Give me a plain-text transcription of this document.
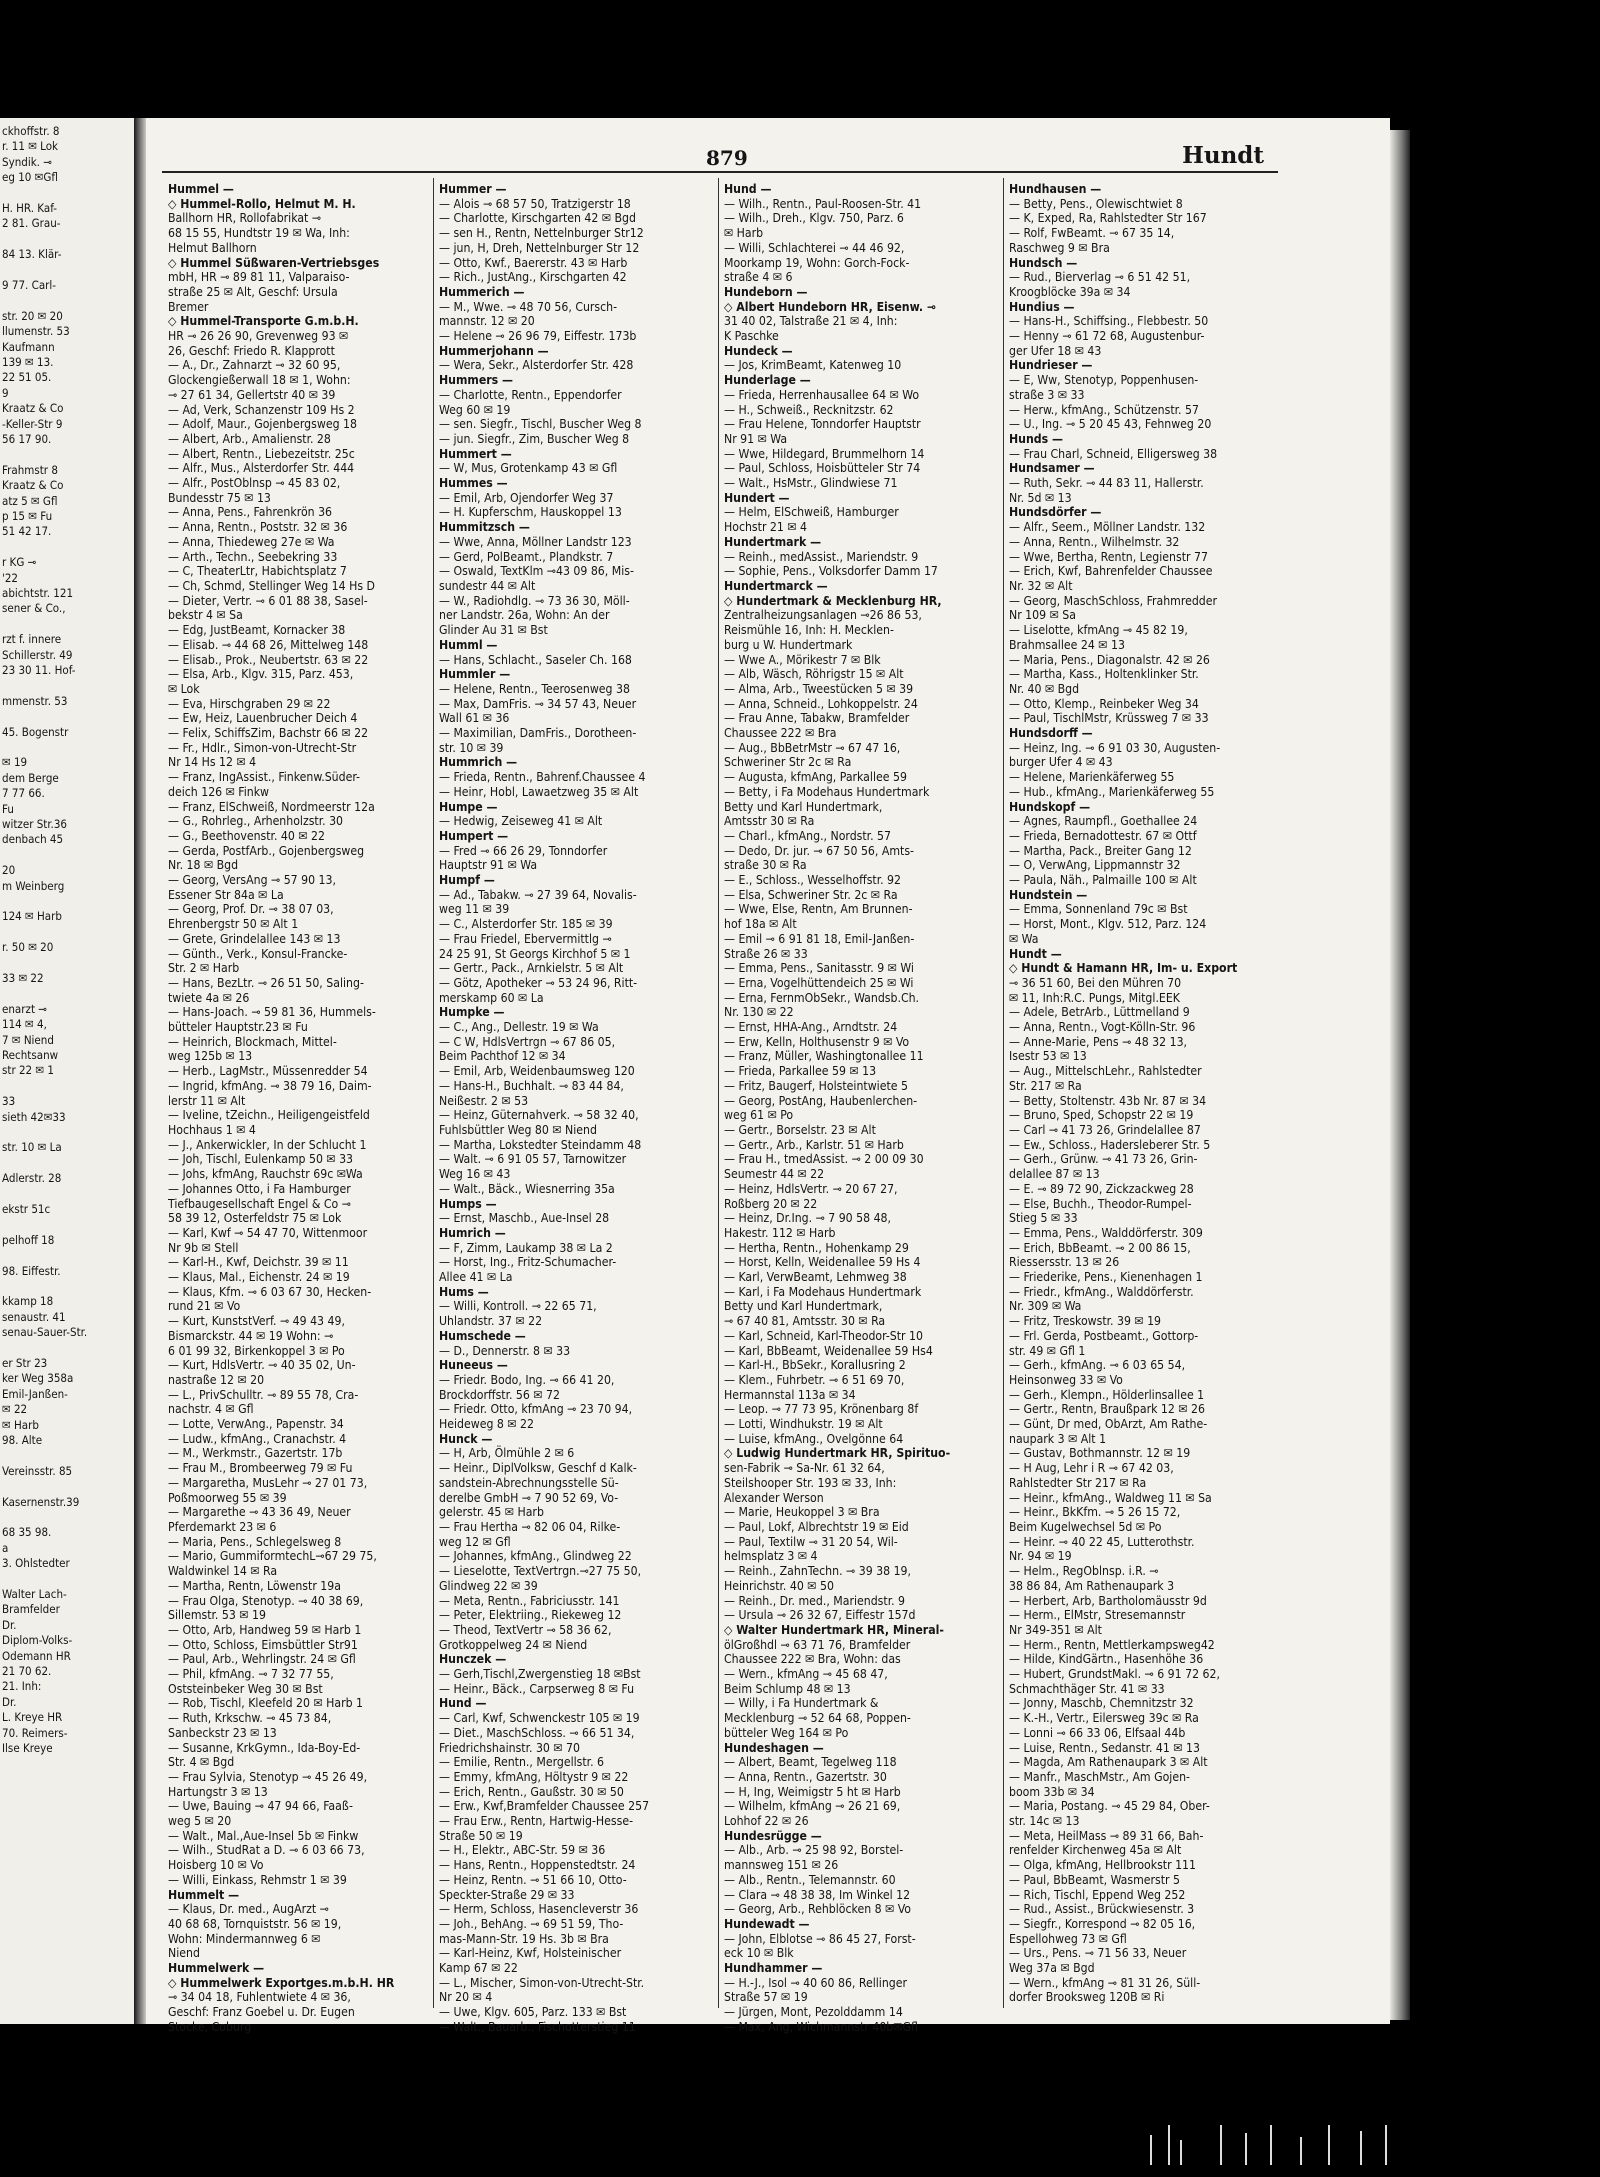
ckhoffstr. 8
r. 11 ✉ Lok
Syndik. ⊸
eg 10 ✉Gfl
H. HR. Kaf-
2 81. Grau-
84 13. Klär-
9 77. Carl-
str. 20 ✉ 20
llumenstr. 53
Kaufmann
139 ✉ 13.
22 51 05.
9
Kraatz & Co
-Keller-Str 9
56 17 90.
Frahmstr 8
Kraatz & Co
atz 5 ✉ Gfl
p 15 ✉ Fu
51 42 17.
r KG ⊸
'22
abichtstr. 121
sener & Co.,
rzt f. innere
Schillerstr. 49
23 30 11. Hof-
mmenstr. 53
45. Bogenstr
✉ 19
dem Berge
7 77 66.
Fu
witzer Str.36
denbach 45
20
m Weinberg
124 ✉ Harb
r. 50 ✉ 20
33 ✉ 22
enarzt ⊸
114 ✉ 4,
7 ✉ Niend
Rechtsanw
str 22 ✉ 1
33
sieth 42✉33
str. 10 ✉ La
Adlerstr. 28
ekstr 51c
pelhoff 18
98. Eiffestr.
kkamp 18
senaustr. 41
senau-Sauer-Str.
er Str 23
ker Weg 358a
Emil-Janßen-
✉ 22
✉ Harb
98. Alte
Vereinsstr. 85
Kasernenstr.39
68 35 98.
a
3. Ohlstedter
Walter Lach-
Bramfelder
Dr.
Diplom-Volks-
Odemann HR
21 70 62.
21. Inh:
Dr.
L. Kreye HR
70. Reimers-
Ilse Kreye
879	Hundt
Hummel —
◇ Hummel-Rollo, Helmut M. H.
Ballhorn HR, Rollofabrikat ⊸
68 15 55, Hundtstr 19 ✉ Wa, Inh:
Helmut Ballhorn
◇ Hummel Süßwaren-Vertriebsges
mbH, HR ⊸ 89 81 11, Valparaiso-
straße 25 ✉ Alt, Geschf: Ursula
Bremer
◇ Hummel-Transporte G.m.b.H.
HR ⊸ 26 26 90, Grevenweg 93 ✉
26, Geschf: Friedo R. Klapprott
— A., Dr., Zahnarzt ⊸ 32 60 95,
Glockengießerwall 18 ✉ 1, Wohn:
⊸ 27 61 34, Gellertstr 40 ✉ 39
— Ad, Verk, Schanzenstr 109 Hs 2
— Adolf, Maur., Gojenbergsweg 18
— Albert, Arb., Amalienstr. 28
— Albert, Rentn., Liebezeitstr. 25c
— Alfr., Mus., Alsterdorfer Str. 444
— Alfr., PostOblnsp ⊸ 45 83 02,
Bundesstr 75 ✉ 13
— Anna, Pens., Fahrenkrön 36
— Anna, Rentn., Poststr. 32 ✉ 36
— Anna, Thiedeweg 27e ✉ Wa
— Arth., Techn., Seebekring 33
— C, TheaterLtr, Habichtsplatz 7
— Ch, Schmd, Stellinger Weg 14 Hs D
— Dieter, Vertr. ⊸ 6 01 88 38, Sasel-
bekstr 4 ✉ Sa
— Edg, JustBeamt, Kornacker 38
— Elisab. ⊸ 44 68 26, Mittelweg 148
— Elisab., Prok., Neubertstr. 63 ✉ 22
— Elsa, Arb., Klgv. 315, Parz. 453,
✉ Lok
— Eva, Hirschgraben 29 ✉ 22
— Ew, Heiz, Lauenbrucher Deich 4
— Felix, SchiffsZim, Bachstr 66 ✉ 22
— Fr., Hdlr., Simon-von-Utrecht-Str
Nr 14 Hs 12 ✉ 4
— Franz, IngAssist., Finkenw.Süder-
deich 126 ✉ Finkw
— Franz, ElSchweiß, Nordmeerstr 12a
— G., Rohrleg., Arhenholzstr. 30
— G., Beethovenstr. 40 ✉ 22
— Gerda, PostfArb., Gojenbergsweg
Nr. 18 ✉ Bgd
— Georg, VersAng ⊸ 57 90 13,
Essener Str 84a ✉ La
— Georg, Prof. Dr. ⊸ 38 07 03,
Ehrenbergstr 50 ✉ Alt 1
— Grete, Grindelallee 143 ✉ 13
— Günth., Verk., Konsul-Francke-
Str. 2 ✉ Harb
— Hans, BezLtr. ⊸ 26 51 50, Saling-
twiete 4a ✉ 26
— Hans-Joach. ⊸ 59 81 36, Hummels-
bütteler Hauptstr.23 ✉ Fu
— Heinrich, Blockmach, Mittel-
weg 125b ✉ 13
— Herb., LagMstr., Müssenredder 54
— Ingrid, kfmAng. ⊸ 38 79 16, Daim-
lerstr 11 ✉ Alt
— Iveline, tZeichn., Heiligengeistfeld
Hochhaus 1 ✉ 4
— J., Ankerwickler, In der Schlucht 1
— Joh, Tischl, Eulenkamp 50 ✉ 33
— Johs, kfmAng, Rauchstr 69c ✉Wa
— Johannes Otto, i Fa Hamburger
Tiefbaugesellschaft Engel & Co ⊸
58 39 12, Osterfeldstr 75 ✉ Lok
— Karl, Kwf ⊸ 54 47 70, Wittenmoor
Nr 9b ✉ Stell
— Karl-H., Kwf, Deichstr. 39 ✉ 11
— Klaus, Mal., Eichenstr. 24 ✉ 19
— Klaus, Kfm. ⊸ 6 03 67 30, Hecken-
rund 21 ✉ Vo
— Kurt, KunststVerf. ⊸ 49 43 49,
Bismarckstr. 44 ✉ 19 Wohn: ⊸
6 01 99 32, Birkenkoppel 3 ✉ Po
— Kurt, HdlsVertr. ⊸ 40 35 02, Un-
nastraße 12 ✉ 20
— L., PrivSchulltr. ⊸ 89 55 78, Cra-
nachstr. 4 ✉ Gfl
— Lotte, VerwAng., Papenstr. 34
— Ludw., kfmAng., Cranachstr. 4
— M., Werkmstr., Gazertstr. 17b
— Frau M., Brombeerweg 79 ✉ Fu
— Margaretha, MusLehr ⊸ 27 01 73,
Poßmoorweg 55 ✉ 39
— Margarethe ⊸ 43 36 49, Neuer
Pferdemarkt 23 ✉ 6
— Maria, Pens., Schlegelsweg 8
— Mario, GummiformtechL⊸67 29 75,
Waldwinkel 14 ✉ Ra
— Martha, Rentn, Löwenstr 19a
— Frau Olga, Stenotyp. ⊸ 40 38 69,
Sillemstr. 53 ✉ 19
— Otto, Arb, Handweg 59 ✉ Harb 1
— Otto, Schloss, Eimsbüttler Str91
— Paul, Arb., Wehrlingstr. 24 ✉ Gfl
— Phil, kfmAng. ⊸ 7 32 77 55,
Oststeinbeker Weg 30 ✉ Bst
— Rob, Tischl, Kleefeld 20 ✉ Harb 1
— Ruth, Krkschw. ⊸ 45 73 84,
Sanbeckstr 23 ✉ 13
— Susanne, KrkGymn., Ida-Boy-Ed-
Str. 4 ✉ Bgd
— Frau Sylvia, Stenotyp ⊸ 45 26 49,
Hartungstr 3 ✉ 13
— Uwe, Bauing ⊸ 47 94 66, Faaß-
weg 5 ✉ 20
— Walt., Mal.,Aue-Insel 5b ✉ Finkw
— Wilh., StudRat a D. ⊸ 6 03 66 73,
Hoisberg 10 ✉ Vo
— Willi, Einkass, Rehmstr 1 ✉ 39
Hummelt —
— Klaus, Dr. med., AugArzt ⊸
40 68 68, Tornquiststr. 56 ✉ 19,
Wohn: Mindermannweg 6 ✉
Niend
Hummelwerk —
◇ Hummelwerk Exportges.m.b.H. HR
⊸ 34 04 18, Fuhlentwiete 4 ✉ 36,
Geschf: Franz Goebel u. Dr. Eugen
Stocke, Coburg
Hummer —
— Alois ⊸ 68 57 50, Tratzigerstr 18
— Charlotte, Kirschgarten 42 ✉ Bgd
— sen H., Rentn, Nettelnburger Str12
— jun, H, Dreh, Nettelnburger Str 12
— Otto, Kwf., Baererstr. 43 ✉ Harb
— Rich., JustAng., Kirschgarten 42
Hummerich —
— M., Wwe. ⊸ 48 70 56, Cursch-
mannstr. 12 ✉ 20
— Helene ⊸ 26 96 79, Eiffestr. 173b
Hummerjohann —
— Wera, Sekr., Alsterdorfer Str. 428
Hummers —
— Charlotte, Rentn., Eppendorfer
Weg 60 ✉ 19
— sen. Siegfr., Tischl, Buscher Weg 8
— jun. Siegfr., Zim, Buscher Weg 8
Hummert —
— W, Mus, Grotenkamp 43 ✉ Gfl
Hummes —
— Emil, Arb, Ojendorfer Weg 37
— H. Kupferschm, Hauskoppel 13
Hummitzsch —
— Wwe, Anna, Möllner Landstr 123
— Gerd, PolBeamt., Plandkstr. 7
— Oswald, TextKlm ⊸43 09 86, Mis-
sundestr 44 ✉ Alt
— W., Radiohdlg. ⊸ 73 36 30, Möll-
ner Landstr. 26a, Wohn: An der
Glinder Au 31 ✉ Bst
Humml —
— Hans, Schlacht., Saseler Ch. 168
Hummler —
— Helene, Rentn., Teerosenweg 38
— Max, DamFris. ⊸ 34 57 43, Neuer
Wall 61 ✉ 36
— Maximilian, DamFris., Dorotheen-
str. 10 ✉ 39
Hummrich —
— Frieda, Rentn., Bahrenf.Chaussee 4
— Heinr, Hobl, Lawaetzweg 35 ✉ Alt
Humpe —
— Hedwig, Zeiseweg 41 ✉ Alt
Humpert —
— Fred ⊸ 66 26 29, Tonndorfer
Hauptstr 91 ✉ Wa
Humpf —
— Ad., Tabakw. ⊸ 27 39 64, Novalis-
weg 11 ✉ 39
— C., Alsterdorfer Str. 185 ✉ 39
— Frau Friedel, Ebervermittlg ⊸
24 25 91, St Georgs Kirchhof 5 ✉ 1
— Gertr., Pack., Arnkielstr. 5 ✉ Alt
— Götz, Apotheker ⊸ 53 24 96, Ritt-
merskamp 60 ✉ La
Humpke —
— C., Ang., Dellestr. 19 ✉ Wa
— C W, HdlsVertrgn ⊸ 67 86 05,
Beim Pachthof 12 ✉ 34
— Emil, Arb, Weidenbaumsweg 120
— Hans-H., Buchhalt. ⊸ 83 44 84,
Neißestr. 2 ✉ 53
— Heinz, Güternahverk. ⊸ 58 32 40,
Fuhlsbüttler Weg 80 ✉ Niend
— Martha, Lokstedter Steindamm 48
— Walt. ⊸ 6 91 05 57, Tarnowitzer
Weg 16 ✉ 43
— Walt., Bäck., Wiesnerring 35a
Humps —
— Ernst, Maschb., Aue-Insel 28
Humrich —
— F, Zimm, Laukamp 38 ✉ La 2
— Horst, Ing., Fritz-Schumacher-
Allee 41 ✉ La
Hums —
— Willi, Kontroll. ⊸ 22 65 71,
Uhlandstr. 37 ✉ 22
Humschede —
— D., Dennerstr. 8 ✉ 33
Huneeus —
— Friedr. Bodo, Ing. ⊸ 66 41 20,
Brockdorffstr. 56 ✉ 72
— Friedr. Otto, kfmAng ⊸ 23 70 94,
Heideweg 8 ✉ 22
Hunck —
— H, Arb, Ölmühle 2 ✉ 6
— Heinr., DiplVolksw, Geschf d Kalk-
sandstein-Abrechnungsstelle Sü-
derelbe GmbH ⊸ 7 90 52 69, Vo-
gelerstr. 45 ✉ Harb
— Frau Hertha ⊸ 82 06 04, Rilke-
weg 12 ✉ Gfl
— Johannes, kfmAng., Glindweg 22
— Lieselotte, TextVertrgn.⊸27 75 50,
Glindweg 22 ✉ 39
— Meta, Rentn., Fabriciusstr. 141
— Peter, Elektriing., Riekeweg 12
— Theod, TextVertr ⊸ 58 36 62,
Grotkoppelweg 24 ✉ Niend
Hunczek —
— Gerh,Tischl,Zwergenstieg 18 ✉Bst
— Heinr., Bäck., Carpserweg 8 ✉ Fu
Hund —
— Carl, Kwf, Schwenckestr 105 ✉ 19
— Diet., MaschSchloss. ⊸ 66 51 34,
Friedrichshainstr. 30 ✉ 70
— Emilie, Rentn., Mergellstr. 6
— Emmy, kfmAng, Höltystr 9 ✉ 22
— Erich, Rentn., Gaußstr. 30 ✉ 50
— Erw., Kwf,Bramfelder Chaussee 257
— Frau Erw., Rentn, Hartwig-Hesse-
Straße 50 ✉ 19
— H., Elektr., ABC-Str. 59 ✉ 36
— Hans, Rentn., Hoppenstedtstr. 24
— Heinz, Rentn. ⊸ 51 66 10, Otto-
Speckter-Straße 29 ✉ 33
— Herm, Schloss, Hasencleverstr 36
— Joh., BehAng. ⊸ 69 51 59, Tho-
mas-Mann-Str. 19 Hs. 3b ✉ Bra
— Karl-Heinz, Kwf, Holsteinischer
Kamp 67 ✉ 22
— L., Mischer, Simon-von-Utrecht-Str.
Nr 20 ✉ 4
— Uwe, Klgv. 605, Parz. 133 ✉ Bst
— Walt., Bauarb., Fischotterstieg 11
Hund —
— Wilh., Rentn., Paul-Roosen-Str. 41
— Wilh., Dreh., Klgv. 750, Parz. 6
✉ Harb
— Willi, Schlachterei ⊸ 44 46 92,
Moorkamp 19, Wohn: Gorch-Fock-
straße 4 ✉ 6
Hundeborn —
◇ Albert Hundeborn HR, Eisenw. ⊸
31 40 02, Talstraße 21 ✉ 4, Inh:
K Paschke
Hundeck —
— Jos, KrimBeamt, Katenweg 10
Hunderlage —
— Frieda, Herrenhausallee 64 ✉ Wo
— H., Schweiß., Recknitzstr. 62
— Frau Helene, Tonndorfer Hauptstr
Nr 91 ✉ Wa
— Wwe, Hildegard, Brummelhorn 14
— Paul, Schloss, Hoisbütteler Str 74
— Walt., HsMstr., Glindwiese 71
Hundert —
— Helm, ElSchweiß, Hamburger
Hochstr 21 ✉ 4
Hundertmark —
— Reinh., medAssist., Mariendstr. 9
— Sophie, Pens., Volksdorfer Damm 17
Hundertmarck —
◇ Hundertmark & Mecklenburg HR,
Zentralheizungsanlagen ⊸26 86 53,
Reismühle 16, Inh: H. Mecklen-
burg u W. Hundertmark
— Wwe A., Mörikestr 7 ✉ Blk
— Alb, Wäsch, Röhrigstr 15 ✉ Alt
— Alma, Arb., Tweestücken 5 ✉ 39
— Anna, Schneid., Lohkoppelstr. 24
— Frau Anne, Tabakw, Bramfelder
Chaussee 222 ✉ Bra
— Aug., BbBetrMstr ⊸ 67 47 16,
Schweriner Str 2c ✉ Ra
— Augusta, kfmAng, Parkallee 59
— Betty, i Fa Modehaus Hundertmark
Betty und Karl Hundertmark,
Amtsstr 30 ✉ Ra
— Charl., kfmAng., Nordstr. 57
— Dedo, Dr. jur. ⊸ 67 50 56, Amts-
straße 30 ✉ Ra
— E., Schloss., Wesselhoffstr. 92
— Elsa, Schweriner Str. 2c ✉ Ra
— Wwe, Else, Rentn, Am Brunnen-
hof 18a ✉ Alt
— Emil ⊸ 6 91 81 18, Emil-Janßen-
Straße 26 ✉ 33
— Emma, Pens., Sanitasstr. 9 ✉ Wi
— Erna, Vogelhüttendeich 25 ✉ Wi
— Erna, FernmObSekr., Wandsb.Ch.
Nr. 130 ✉ 22
— Ernst, HHA-Ang., Arndtstr. 24
— Erw, Kelln, Holthusenstr 9 ✉ Vo
— Franz, Müller, Washingtonallee 11
— Frieda, Parkallee 59 ✉ 13
— Fritz, Baugerf, Holsteintwiete 5
— Georg, PostAng, Haubenlerchen-
weg 61 ✉ Po
— Gertr., Borselstr. 23 ✉ Alt
— Gertr., Arb., Karlstr. 51 ✉ Harb
— Frau H., tmedAssist. ⊸ 2 00 09 30
Seumestr 44 ✉ 22
— Heinz, HdlsVertr. ⊸ 20 67 27,
Roßberg 20 ✉ 22
— Heinz, Dr.Ing. ⊸ 7 90 58 48,
Hakestr. 112 ✉ Harb
— Hertha, Rentn., Hohenkamp 29
— Horst, Kelln, Weidenallee 59 Hs 4
— Karl, VerwBeamt, Lehmweg 38
— Karl, i Fa Modehaus Hundertmark
Betty und Karl Hundertmark,
⊸ 67 40 81, Amtsstr. 30 ✉ Ra
— Karl, Schneid, Karl-Theodor-Str 10
— Karl, BbBeamt, Weidenallee 59 Hs4
— Karl-H., BbSekr., Korallusring 2
— Klem., Fuhrbetr. ⊸ 6 51 69 70,
Hermannstal 113a ✉ 34
— Leop. ⊸ 77 73 95, Krönenbarg 8f
— Lotti, Windhukstr. 19 ✉ Alt
— Luise, kfmAng., Ovelgönne 64
◇ Ludwig Hundertmark HR, Spirituo-
sen-Fabrik ⊸ Sa-Nr. 61 32 64,
Steilshooper Str. 193 ✉ 33, Inh:
Alexander Werson
— Marie, Heukoppel 3 ✉ Bra
— Paul, Lokf, Albrechtstr 19 ✉ Eid
— Paul, Textilw ⊸ 31 20 54, Wil-
helmsplatz 3 ✉ 4
— Reinh., ZahnTechn. ⊸ 39 38 19,
Heinrichstr. 40 ✉ 50
— Reinh., Dr. med., Mariendstr. 9
— Ursula ⊸ 26 32 67, Eiffestr 157d
◇ Walter Hundertmark HR, Mineral-
ölGroßhdl ⊸ 63 71 76, Bramfelder
Chaussee 222 ✉ Bra, Wohn: das
— Wern., kfmAng ⊸ 45 68 47,
Beim Schlump 48 ✉ 13
— Willy, i Fa Hundertmark &
Mecklenburg ⊸ 52 64 68, Poppen-
bütteler Weg 164 ✉ Po
Hundeshagen —
— Albert, Beamt, Tegelweg 118
— Anna, Rentn., Gazertstr. 30
— H, Ing, Weimigstr 5 ht ✉ Harb
— Wilhelm, kfmAng ⊸ 26 21 69,
Lohhof 22 ✉ 26
Hundesrügge —
— Alb., Arb. ⊸ 25 98 92, Borstel-
mannsweg 151 ✉ 26
— Alb., Rentn., Telemannstr. 60
— Clara ⊸ 48 38 38, Im Winkel 12
— Georg, Arb., Rehblöcken 8 ✉ Vo
Hundewadt —
— John, Elblotse ⊸ 86 45 27, Forst-
eck 10 ✉ Blk
Hundhammer —
— H.-J., Isol ⊸ 40 60 86, Rellinger
Straße 57 ✉ 19
— Jürgen, Mont, Pezolddamm 14
— Max, Ang, Wichmannstr 40b✉Gfl
Hundhausen —
— Betty, Pens., Olewischtwiet 8
— K, Exped, Ra, Rahlstedter Str 167
— Rolf, FwBeamt. ⊸ 67 35 14,
Raschweg 9 ✉ Bra
Hundsch —
— Rud., Bierverlag ⊸ 6 51 42 51,
Kroogblöcke 39a ✉ 34
Hundius —
— Hans-H., Schiffsing., Flebbestr. 50
— Henny ⊸ 61 72 68, Augustenbur-
ger Ufer 18 ✉ 43
Hundrieser —
— E, Ww, Stenotyp, Poppenhusen-
straße 3 ✉ 33
— Herw., kfmAng., Schützenstr. 57
— U., Ing. ⊸ 5 20 45 43, Fehnweg 20
Hunds —
— Frau Charl, Schneid, Elligersweg 38
Hundsamer —
— Ruth, Sekr. ⊸ 44 83 11, Hallerstr.
Nr. 5d ✉ 13
Hundsdörfer —
— Alfr., Seem., Möllner Landstr. 132
— Anna, Rentn., Wilhelmstr. 32
— Wwe, Bertha, Rentn, Legienstr 77
— Erich, Kwf, Bahrenfelder Chaussee
Nr. 32 ✉ Alt
— Georg, MaschSchloss, Frahmredder
Nr 109 ✉ Sa
— Liselotte, kfmAng ⊸ 45 82 19,
Brahmsallee 24 ✉ 13
— Maria, Pens., Diagonalstr. 42 ✉ 26
— Martha, Kass., Holtenklinker Str.
Nr. 40 ✉ Bgd
— Otto, Klemp., Reinbeker Weg 34
— Paul, TischlMstr, Krüssweg 7 ✉ 33
Hundsdorff —
— Heinz, Ing. ⊸ 6 91 03 30, Augusten-
burger Ufer 4 ✉ 43
— Helene, Marienkäferweg 55
— Hub., kfmAng., Marienkäferweg 55
Hundskopf —
— Agnes, Raumpfl., Goethallee 24
— Frieda, Bernadottestr. 67 ✉ Ottf
— Martha, Pack., Breiter Gang 12
— O, VerwAng, Lippmannstr 32
— Paula, Näh., Palmaille 100 ✉ Alt
Hundstein —
— Emma, Sonnenland 79c ✉ Bst
— Horst, Mont., Klgv. 512, Parz. 124
✉ Wa
Hundt —
◇ Hundt & Hamann HR, Im- u. Export
⊸ 36 51 60, Bei den Mühren 70
✉ 11, Inh:R.C. Pungs, Mitgl.EEK
— Adele, BetrArb., Lüttmelland 9
— Anna, Rentn., Vogt-Kölln-Str. 96
— Anne-Marie, Pens ⊸ 48 32 13,
Isestr 53 ✉ 13
— Aug., MittelschLehr., Rahlstedter
Str. 217 ✉ Ra
— Betty, Stoltenstr. 43b Nr. 87 ✉ 34
— Bruno, Sped, Schopstr 22 ✉ 19
— Carl ⊸ 41 73 26, Grindelallee 87
— Ew., Schloss., Hadersleberer Str. 5
— Gerh., Grünw. ⊸ 41 73 26, Grin-
delallee 87 ✉ 13
— E. ⊸ 89 72 90, Zickzackweg 28
— Else, Buchh., Theodor-Rumpel-
Stieg 5 ✉ 33
— Emma, Pens., Walddörferstr. 309
— Erich, BbBeamt. ⊸ 2 00 86 15,
Riessersstr. 13 ✉ 26
— Friederike, Pens., Kienenhagen 1
— Friedr., kfmAng., Walddörferstr.
Nr. 309 ✉ Wa
— Fritz, Treskowstr. 39 ✉ 19
— Frl. Gerda, Postbeamt., Gottorp-
str. 49 ✉ Gfl 1
— Gerh., kfmAng. ⊸ 6 03 65 54,
Heinsonweg 33 ✉ Vo
— Gerh., Klempn., Hölderlinsallee 1
— Gertr., Rentn, Braußpark 12 ✉ 26
— Günt, Dr med, ObArzt, Am Rathe-
naupark 3 ✉ Alt 1
— Gustav, Bothmannstr. 12 ✉ 19
— H Aug, Lehr i R ⊸ 67 42 03,
Rahlstedter Str 217 ✉ Ra
— Heinr., kfmAng., Waldweg 11 ✉ Sa
— Heinr., BkKfm. ⊸ 5 26 15 72,
Beim Kugelwechsel 5d ✉ Po
— Heinr. ⊸ 40 22 45, Lutterothstr.
Nr. 94 ✉ 19
— Helm., RegOblnsp. i.R. ⊸
38 86 84, Am Rathenaupark 3
— Herbert, Arb, Bartholomäusstr 9d
— Herm., ElMstr, Stresemannstr
Nr 349-351 ✉ Alt
— Herm., Rentn, Mettlerkampsweg42
— Hilde, KindGärtn., Hasenhöhe 36
— Hubert, GrundstMakl. ⊸ 6 91 72 62,
Schmachthäger Str. 41 ✉ 33
— Jonny, Maschb, Chemnitzstr 32
— K.-H., Vertr., Eilersweg 39c ✉ Ra
— Lonni ⊸ 66 33 06, Elfsaal 44b
— Luise, Rentn., Sedanstr. 41 ✉ 13
— Magda, Am Rathenaupark 3 ✉ Alt
— Manfr., MaschMstr., Am Gojen-
boom 33b ✉ 34
— Maria, Postang. ⊸ 45 29 84, Ober-
str. 14c ✉ 13
— Meta, HeilMass ⊸ 89 31 66, Bah-
renfelder Kirchenweg 45a ✉ Alt
— Olga, kfmAng, Hellbrookstr 111
— Paul, BbBeamt, Wasmerstr 5
— Rich, Tischl, Eppend Weg 252
— Rud., Assist., Brückwiesenstr. 3
— Siegfr., Korrespond ⊸ 82 05 16,
Espellohweg 73 ✉ Gfl
— Urs., Pens. ⊸ 71 56 33, Neuer
Weg 37a ✉ Bgd
— Wern., kfmAng ⊸ 81 31 26, Süll-
dorfer Brooksweg 120B ✉ Ri
